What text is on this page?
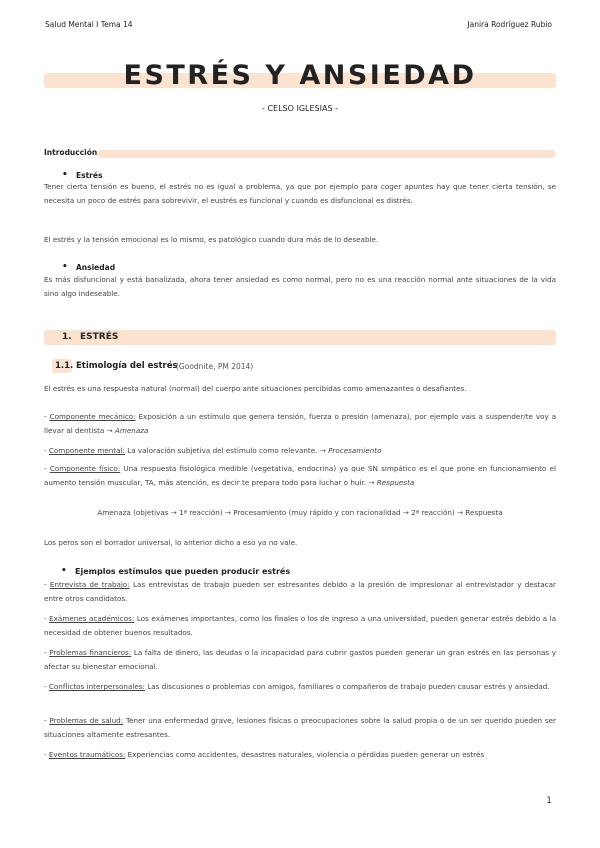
Salud Mental I Tema 14	Janira Rodríguez Rubio
ESTRÉS Y ANSIEDAD
- CELSO IGLESIAS -
Introducción
• Estrés
Tener cierta tensión es bueno, el estrés no es igual a problema, ya que por ejemplo para coger apuntes hay que tener cierta tensión, se necesita un poco de estrés para sobrevivir, el eustrés es funcional y cuando es disfuncional es distrés.
El estrés y la tensión emocional es lo mismo, es patológico cuando dura más de lo deseable.
• Ansiedad
Es más disfuncional y está banalizada, ahora tener ansiedad es como normal, pero no es una reacción normal ante situaciones de la vida sino algo indeseable.
1. ESTRÉS
1.1. Etimología del estrés
(Goodnite, PM 2014)
El estrés es una respuesta natural (normal) del cuerpo ante situaciones percibidas como amenazantes o desafiantes.
- Componente mecánico: Exposición a un estímulo que genera tensión, fuerza o presión (amenaza), por ejemplo vais a suspender/te voy a llevar al dentista → Amenaza
- Componente mental: La valoración subjetiva del estímulo como relevante. → Procesamiento
- Componente físico: Una respuesta fisiológica medible (vegetativa, endocrina) ya que SN simpático es el que pone en funcionamiento el aumento tensión muscular, TA, más atención, es decir te prepara todo para luchar o huir. → Respuesta
Amenaza (objetivas → 1ª reacción) → Procesamiento (muy rápido y con racionalidad → 2ª reacción) → Respuesta
Los peros son el borrador universal, lo anterior dicho a eso ya no vale.
• Ejemplos estímulos que pueden producir estrés
- Entrevista de trabajo: Las entrevistas de trabajo pueden ser estresantes debido a la presión de impresionar al entrevistador y destacar entre otros candidatos.
- Exámenes académicos: Los exámenes importantes, como los finales o los de ingreso a una universidad, pueden generar estrés debido a la necesidad de obtener buenos resultados.
- Problemas financieros: La falta de dinero, las deudas o la incapacidad para cubrir gastos pueden generar un gran estrés en las personas y afectar su bienestar emocional.
- Conflictos interpersonales: Las discusiones o problemas con amigos, familiares o compañeros de trabajo pueden causar estrés y ansiedad.
- Problemas de salud: Tener una enfermedad grave, lesiones físicas o preocupaciones sobre la salud propia o de un ser querido pueden ser situaciones altamente estresantes.
- Eventos traumáticos: Experiencias como accidentes, desastres naturales, violencia o pérdidas pueden generar un estrés
1
